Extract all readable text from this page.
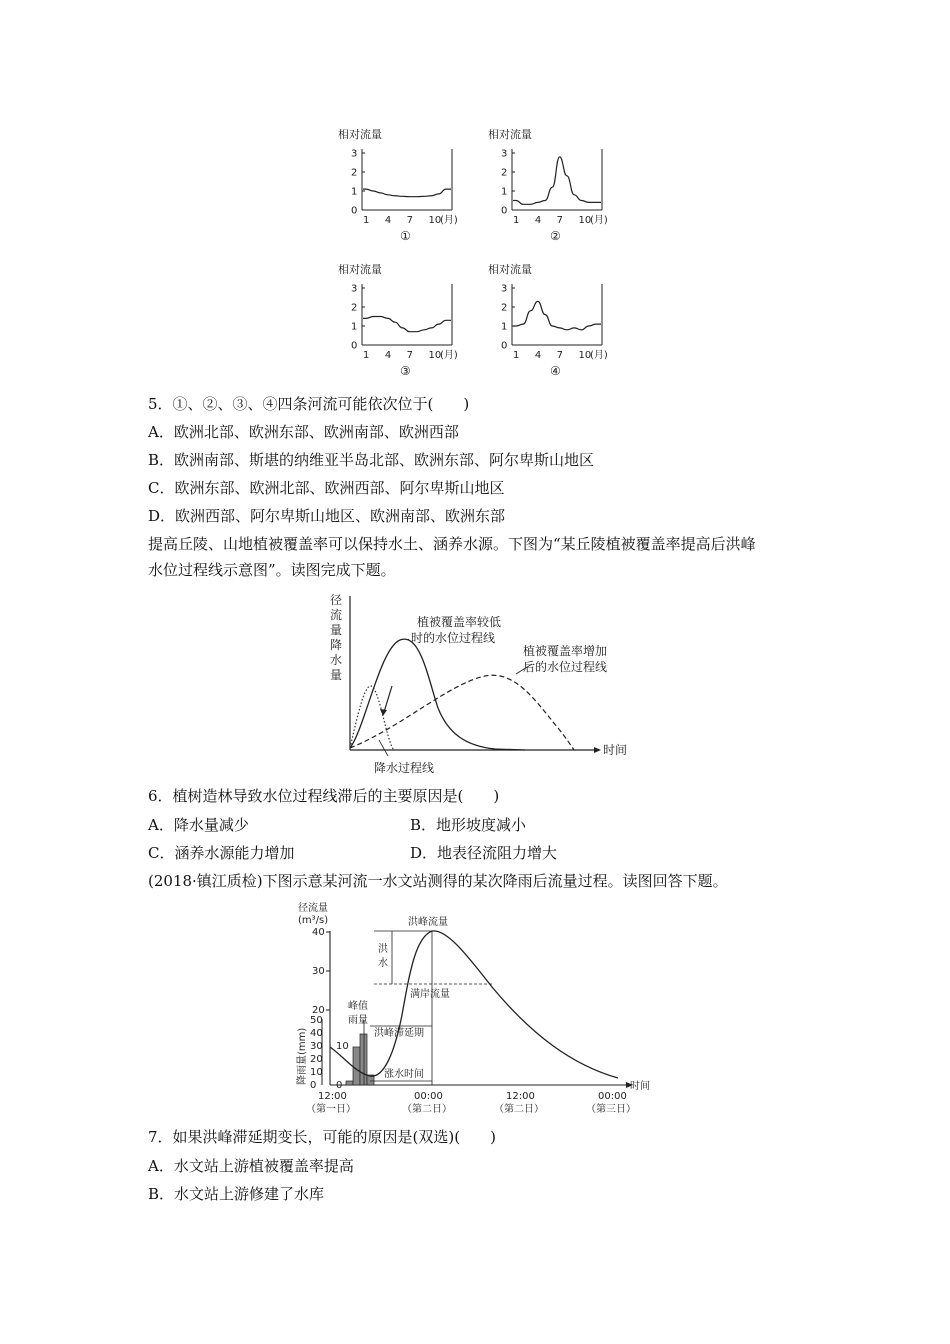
相对流量
0
1
2
3
1 4 7 10
(月)
①
相对流量
0
1
2
3
1 4 7 10
(月)
②
相对流量
0
1
2
3
1 4 7 10
(月)
③
相对流量
0
1
2
3
1 4 7 10
(月)
④
5．①、②、③、④四条河流可能依次位于(　　)
A．欧洲北部、欧洲东部、欧洲南部、欧洲西部
B．欧洲南部、斯堪的纳维亚半岛北部、欧洲东部、阿尔卑斯山地区
C．欧洲东部、欧洲北部、欧洲西部、阿尔卑斯山地区
D．欧洲西部、阿尔卑斯山地区、欧洲南部、欧洲东部
提高丘陵、山地植被覆盖率可以保持水土、涵养水源。下图为“某丘陵植被覆盖率提高后洪峰
水位过程线示意图”。读图完成下题。
径
流
量
降
水
量
时间
植被覆盖率较低
时的水位过程线
植被覆盖率增加
后的水位过程线
降水过程线
6．植树造林导致水位过程线滞后的主要原因是(　　)
A．降水量减少	B．地形坡度减小
C．涵养水源能力增加	D．地表径流阻力增大
(2018·镇江质检)下图示意某河流一水文站测得的某次降雨后流量过程。读图回答下题。
径流量
(m³/s)
40
30
20
降雨量(mm)
0
10
20
30
40
50
0
10
洪峰流量
洪
水
满岸流量
峰值
雨量
洪峰滞延期
涨水时间
时间
12:00
（第一日）
00:00
（第二日）
12:00
（第二日）
00:00
（第三日）
7．如果洪峰滞延期变长，可能的原因是(双选)(　　)
A．水文站上游植被覆盖率提高
B．水文站上游修建了水库
